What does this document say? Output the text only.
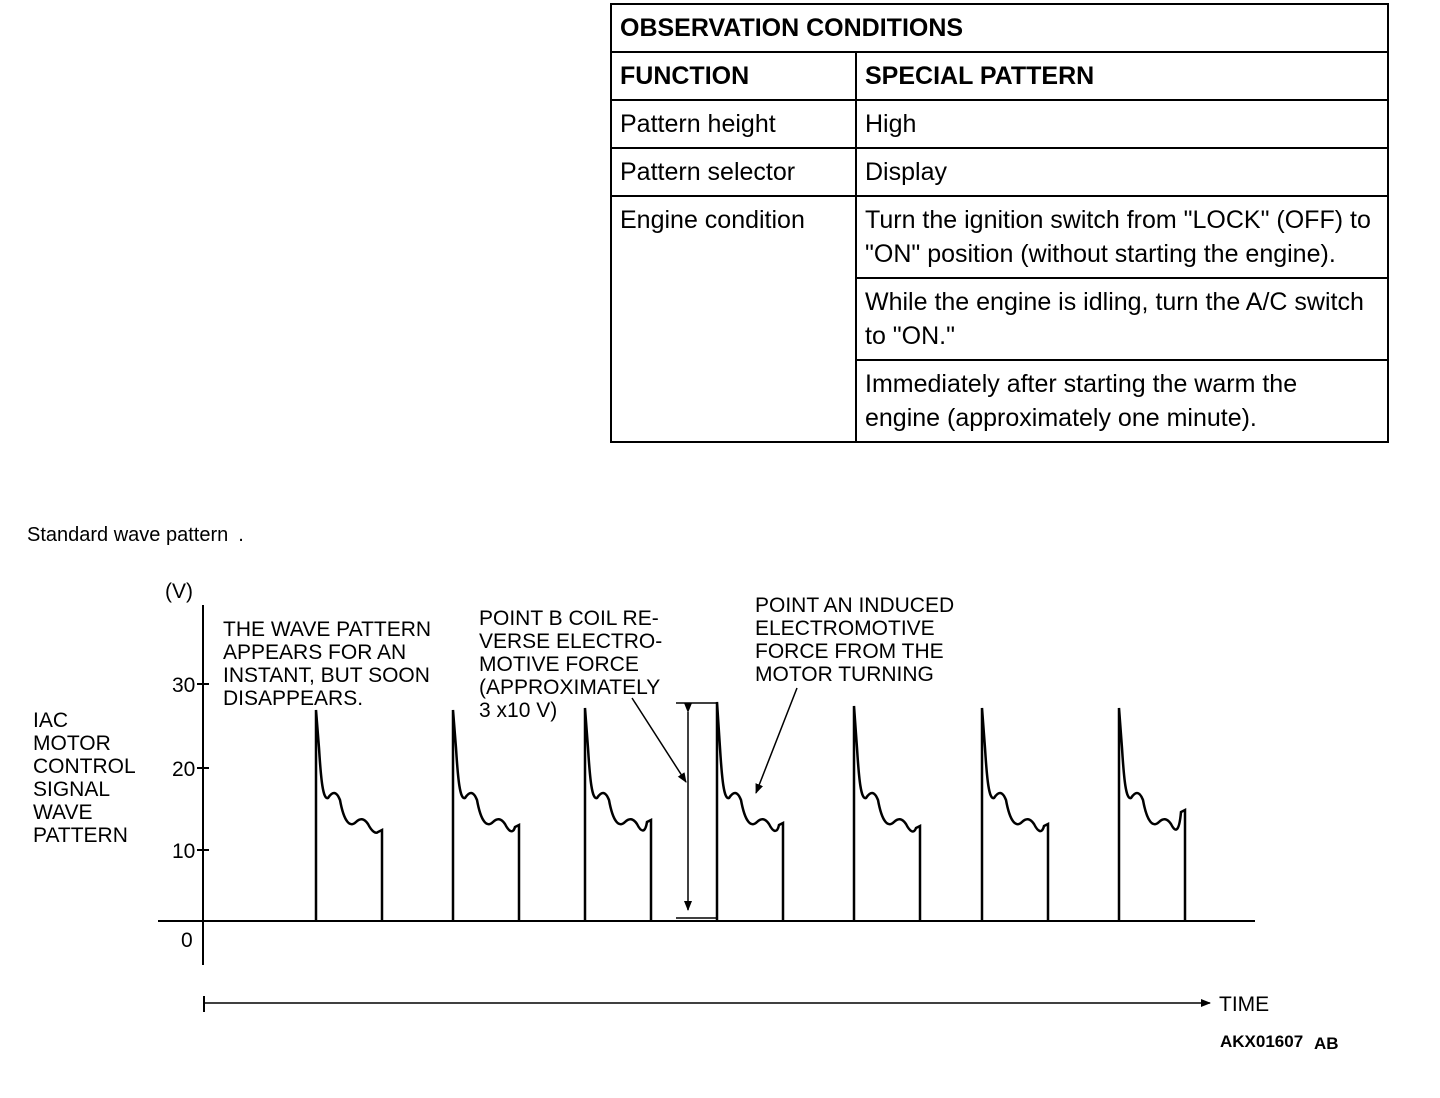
OBSERVATION CONDITIONS	
FUNCTION	SPECIAL PATTERN
Pattern height	High
Pattern selector	Display
Engine condition	Turn the ignition switch from "LOCK" (OFF) to "ON" position (without starting the engine).
	While the engine is idling, turn the A/C switch to "ON."
	Immediately after starting the warm the engine (approximately one minute).
Standard wave pattern .
(V)
30
20
10
0
IAC
MOTOR
CONTROL
SIGNAL
WAVE
PATTERN
THE WAVE PATTERN
APPEARS FOR AN
INSTANT, BUT SOON
DISAPPEARS.
POINT B COIL RE-
VERSE ELECTRO-
MOTIVE FORCE
(APPROXIMATELY
3 x10 V)
POINT AN INDUCED
ELECTROMOTIVE
FORCE FROM THE
MOTOR TURNING
TIME
AKX01607 AB
